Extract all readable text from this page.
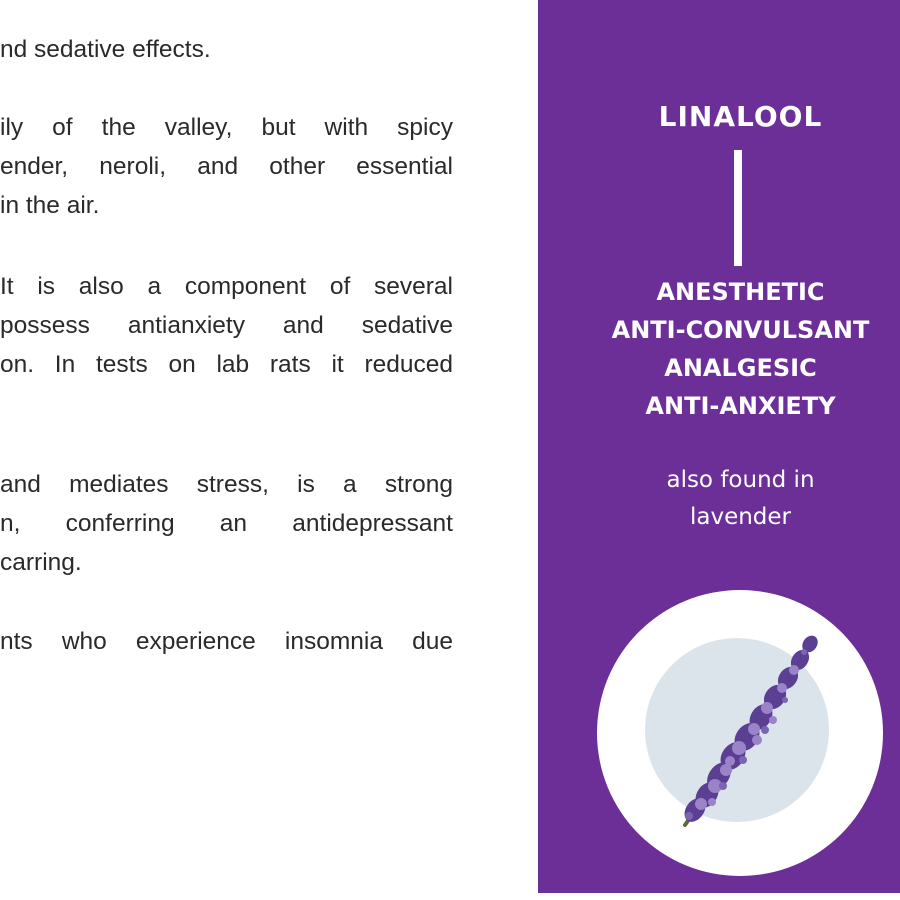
nd sedative effects.
ily of the valley, but with spicy
ender, neroli, and other essential
in the air.
It is also a component of several
possess antianxiety and sedative
on. In tests on lab rats it reduced
and mediates stress, is a strong
n, conferring an antidepressant
carring.
nts who experience insomnia due
LINALOOL
ANESTHETIC
ANTI-CONVULSANT
ANALGESIC
ANTI-ANXIETY
also found in
lavender
